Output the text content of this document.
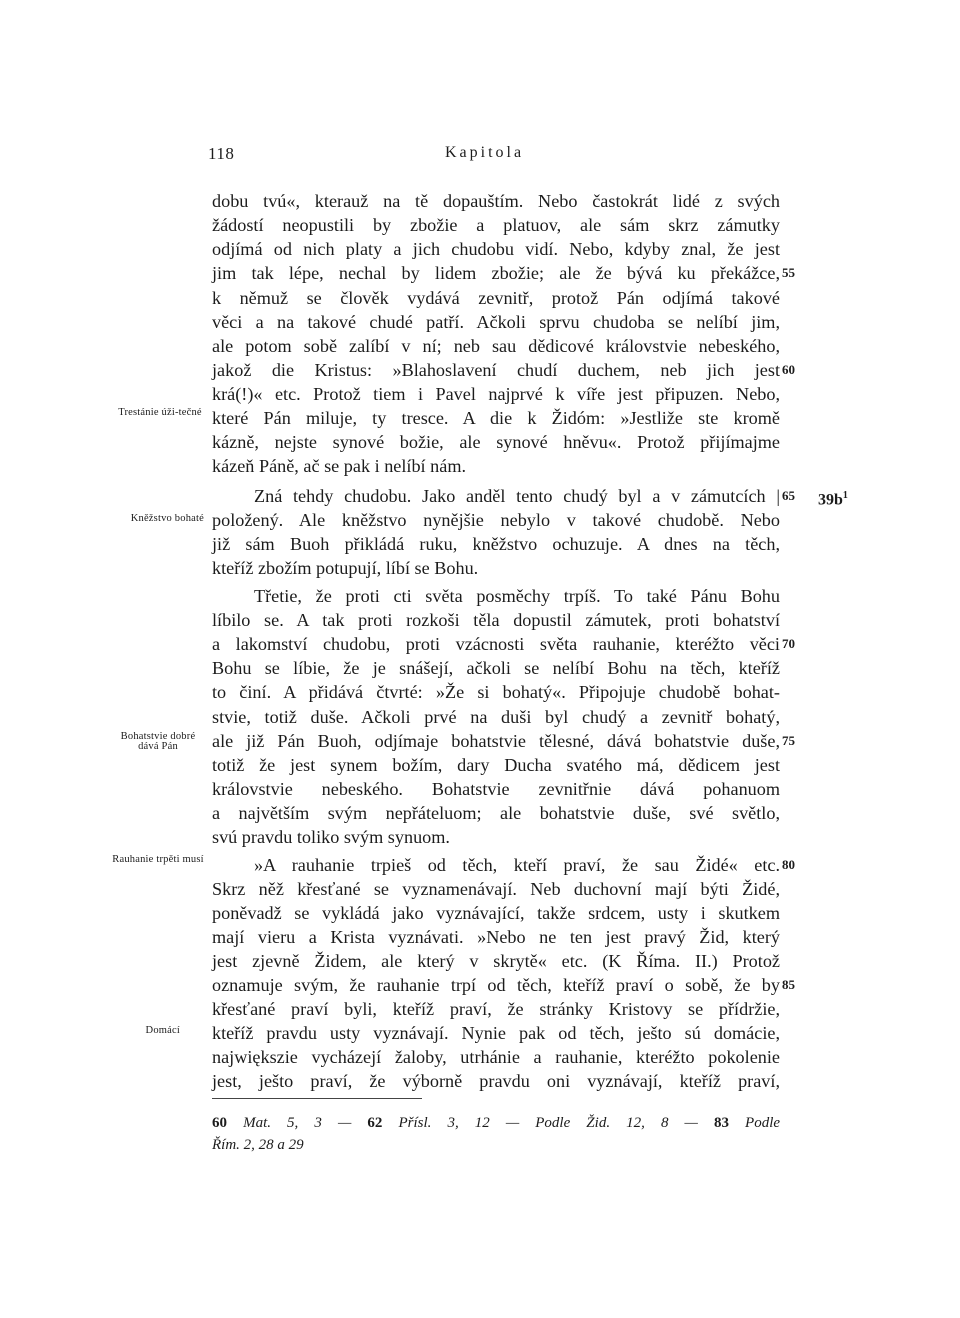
118	Kapitola
dobu tvú«, kterauž na tě dopauštím. Nebo častokrát lidé z svých
žádostí neopustili by zbožie a platuov, ale sám skrz zámutky
odjímá od nich platy a jich chudobu vidí. Nebo, kdyby znal, že jest
jim tak lépe, nechal by lidem zbožie; ale že bývá ku překážce,
k němuž se člověk vydává zevnitř, protož Pán odjímá takové
věci a na takové chudé patří. Ačkoli sprvu chudoba se nelíbí jim,
ale potom sobě zalíbí v ní; neb sau dědicové královstvie nebeského,
jakož die Kristus: »Blahoslavení chudí duchem, neb jich jest
krá(!)« etc. Protož tiem i Pavel najprvé k víře jest připuzen. Nebo,
které Pán miluje, ty tresce. A die k Židóm: »Jestliže ste kromě
kázně, nejste synové božie, ale synové hněvu«. Protož přijímajme
kázeň Páně, ač se pak i nelíbí nám.
Zná tehdy chudobu. Jako anděl tento chudý byl a v zámutcích |
položený. Ale kněžstvo nynějšie nebylo v takové chudobě. Nebo
již sám Buoh přikládá ruku, kněžstvo ochuzuje. A dnes na těch,
kteříž zbožím potupují, líbí se Bohu.
Třetie, že proti cti světa posměchy trpíš. To také Pánu Bohu
líbilo se. A tak proti rozkoši těla dopustil zámutek, proti bohatství
a lakomství chudobu, proti vzácnosti světa rauhanie, kteréžto věci
Bohu se líbie, že je snášejí, ačkoli se nelíbí Bohu na těch, kteříž
to činí. A přidává čtvrté: »Že si bohatý«. Připojuje chudobě bohat-
stvie, totiž duše. Ačkoli prvé na duši byl chudý a zevnitř bohatý,
ale již Pán Buoh, odjímaje bohatstvie tělesné, dává bohatstvie duše,
totiž že jest synem božím, dary Ducha svatého má, dědicem jest
královstvie nebeského. Bohatstvie zevnitřnie dává pohanuom
a najvětším svým nepřáteluom; ale bohatstvie duše, své světlo,
svú pravdu toliko svým synuom.
»A rauhanie trpieš od těch, kteří praví, že sau Židé« etc.
Skrz něž křesťané se vyznamenávají. Neb duchovní mají býti Židé,
poněvadž se vykládá jako vyznávající, takže srdcem, usty i skutkem
mají vieru a Krista vyznávati. »Nebo ne ten jest pravý Žid, který
jest zjevně Židem, ale který v skrytě« etc. (K Říma. II.) Protož
oznamuje svým, že rauhanie trpí od těch, kteříž praví o sobě, že by
křesťané praví byli, kteříž praví, že stránky Kristovy se přídržie,
kteříž pravdu usty vyznávají. Nynie pak od těch, ješto sú domácie,
największie vycházejí žaloby, utrhánie a rauhanie, kteréžto pokolenie
jest, ješto praví, že výborně pravdu oni vyznávají, kteříž praví,
55
60
65
70
75
80
85
$39b^1$
Trestánie úži-tečné
Kněžstvo bohaté
Bohatstvie dobré dává Pán
Rauhanie trpěti musí
Domácí
60 Mat. 5, 3 — 62 Přísl. 3, 12 — Podle Žid. 12, 8 — 83 Podle
Řím. 2, 28 a 29
